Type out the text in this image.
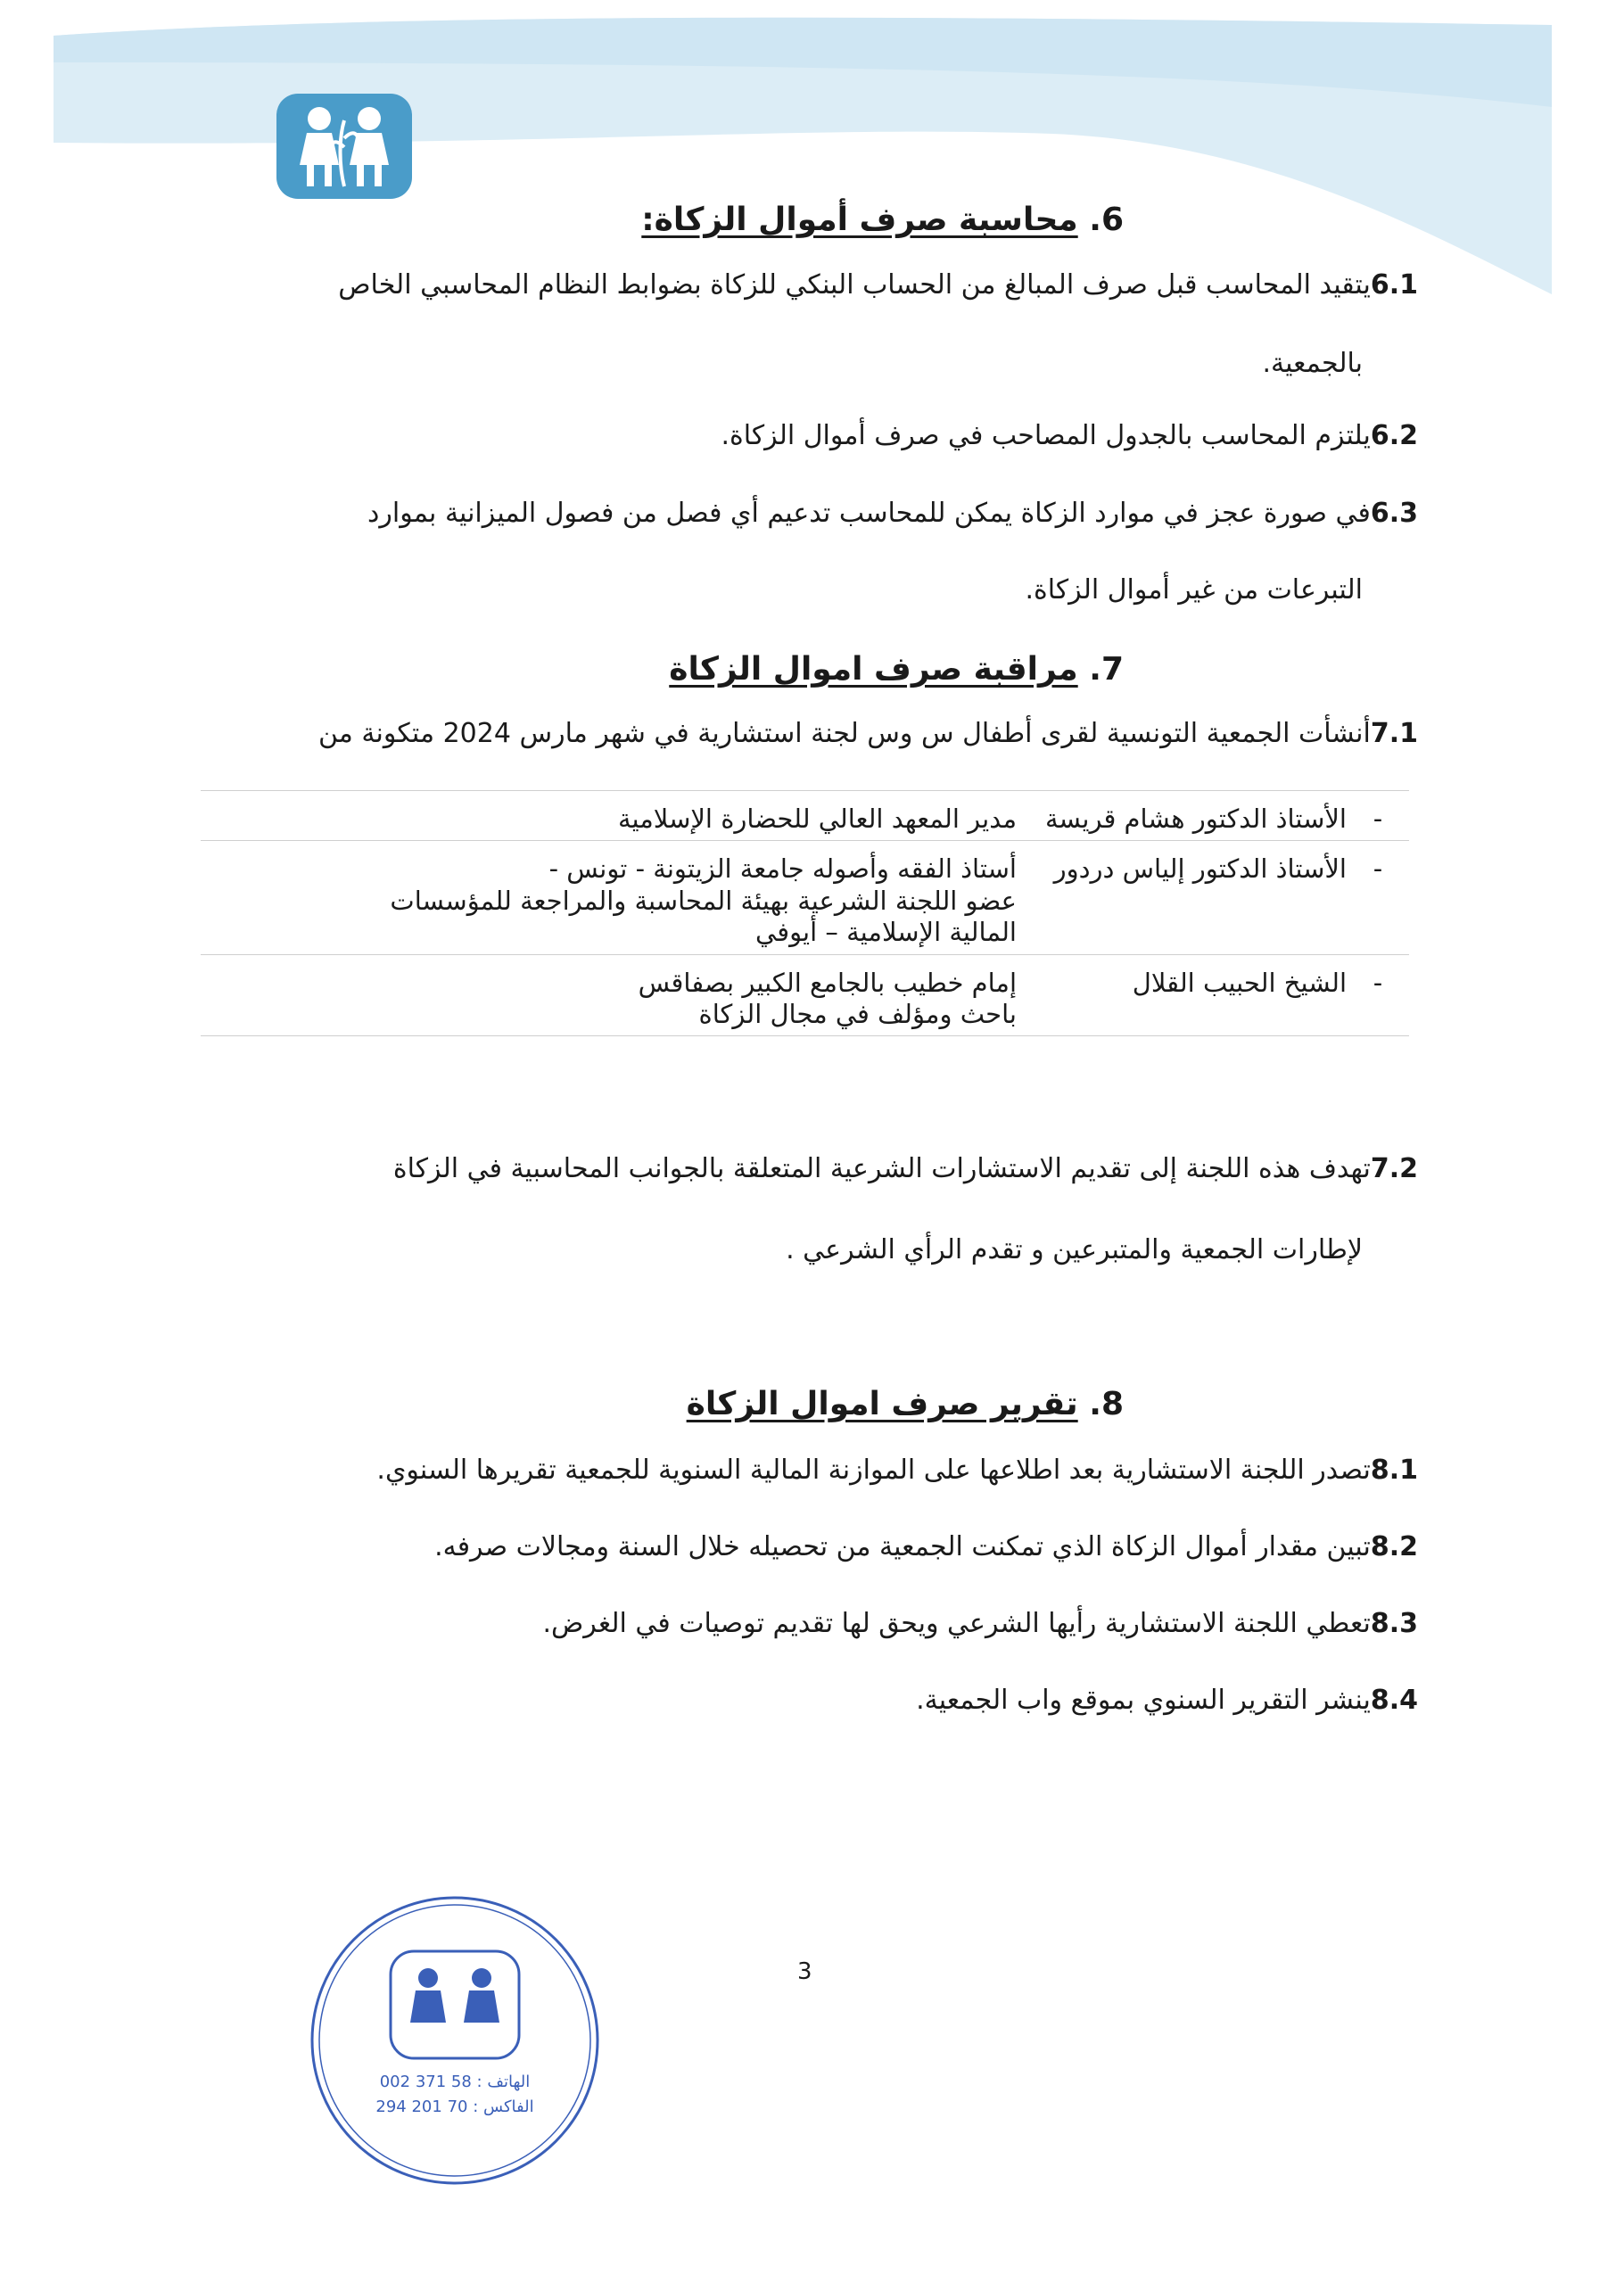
6. محاسبة صرف أموال الزكاة:
6.1يتقيد المحاسب قبل صرف المبالغ من الحساب البنكي للزكاة بضوابط النظام المحاسبي الخاص
بالجمعية.
6.2يلتزم المحاسب بالجدول المصاحب في صرف أموال الزكاة.
6.3في صورة عجز في موارد الزكاة يمكن للمحاسب تدعيم أي فصل من فصول الميزانية بموارد
التبرعات من غير أموال الزكاة.
7. مراقبة صرف اموال الزكاة
7.1أنشأت الجمعية التونسية لقرى أطفال س وس لجنة استشارية في شهر مارس 2024 متكونة من
-	الأستاذ الدكتور هشام قريسة	مدير المعهد العالي للحضارة الإسلامية

-	الأستاذ الدكتور إلياس دردور	أستاذ الفقه وأصوله جامعة الزيتونة - تونس -
عضو اللجنة الشرعية بهيئة المحاسبة والمراجعة للمؤسسات
المالية الإسلامية – أيوفي

-	الشيخ الحبيب القلال	إمام خطيب بالجامع الكبير بصفاقس
باحث ومؤلف في مجال الزكاة
7.2تهدف هذه اللجنة إلى تقديم الاستشارات الشرعية المتعلقة بالجوانب المحاسبية في الزكاة
لإطارات الجمعية والمتبرعين و تقدم الرأي الشرعي .
8. تقرير صرف اموال الزكاة
8.1تصدر اللجنة الاستشارية بعد اطلاعها على الموازنة المالية السنوية للجمعية تقريرها السنوي.
8.2تبين مقدار أموال الزكاة الذي تمكنت الجمعية من تحصيله خلال السنة ومجالات صرفه.
8.3تعطي اللجنة الاستشارية رأيها الشرعي ويحق لها تقديم توصيات في الغرض.
8.4ينشر التقرير السنوي بموقع واب الجمعية.
3
الهاتف : 58 371 002
الفاكس : 70 201 294
